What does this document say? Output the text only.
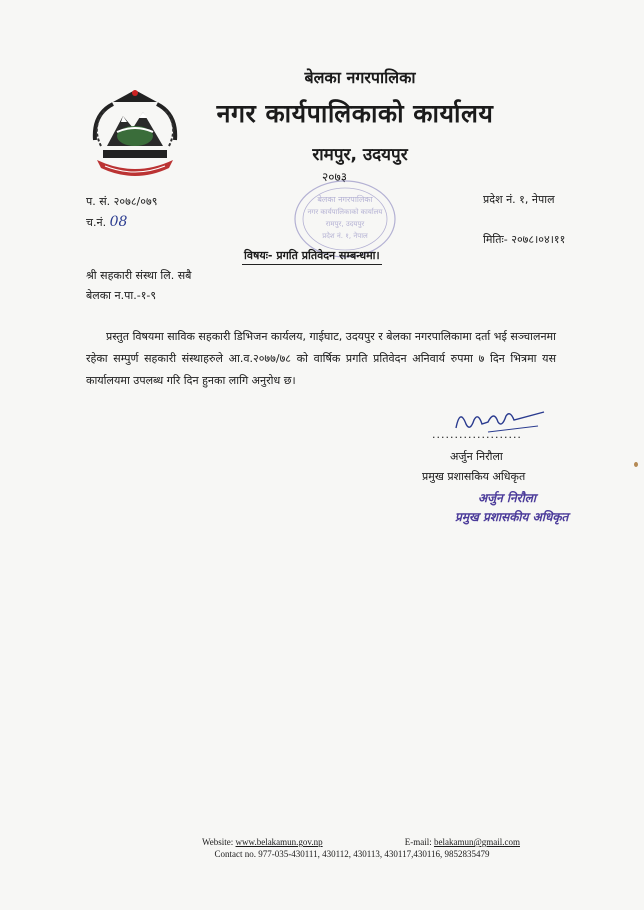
बेलका नगरपालिका
नगर कार्यपालिकाको कार्यालय
रामपुर, उदयपुर
२०७३
बेलका नगरपालिका
नगर कार्यपालिकाको कार्यालय
रामपुर, उदयपुर
प्रदेश नं. १, नेपाल
प. सं. २०७८/०७९
च.नं. 08
प्रदेश नं. १, नेपाल
मितिः- २०७८।०४।११
विषयः- प्रगति प्रतिवेदन सम्बन्धमा।
श्री सहकारी संस्था लि. सबै
बेलका न.पा.-१-९
प्रस्तुत विषयमा साविक सहकारी डिभिजन कार्यलय, गाईघाट, उदयपुर र बेलका नगरपालिकामा दर्ता भई सञ्चालनमा रहेका सम्पुर्ण सहकारी संस्थाहरुले आ.व.२०७७/७८ को वार्षिक प्रगति प्रतिवेदन अनिवार्य रुपमा ७ दिन भित्रमा यस कार्यालयमा उपलब्ध गरि दिन हुनका लागि अनुरोध छ।
....................
अर्जुन निरौला
प्रमुख प्रशासकिय अधिकृत
अर्जुन निरौला
प्रमुख प्रशासकीय अधिकृत
Website: www.belakamun.gov.np	E-mail: belakamun@gmail.com
Contact no. 977-035-430111, 430112, 430113, 430117,430116, 9852835479
